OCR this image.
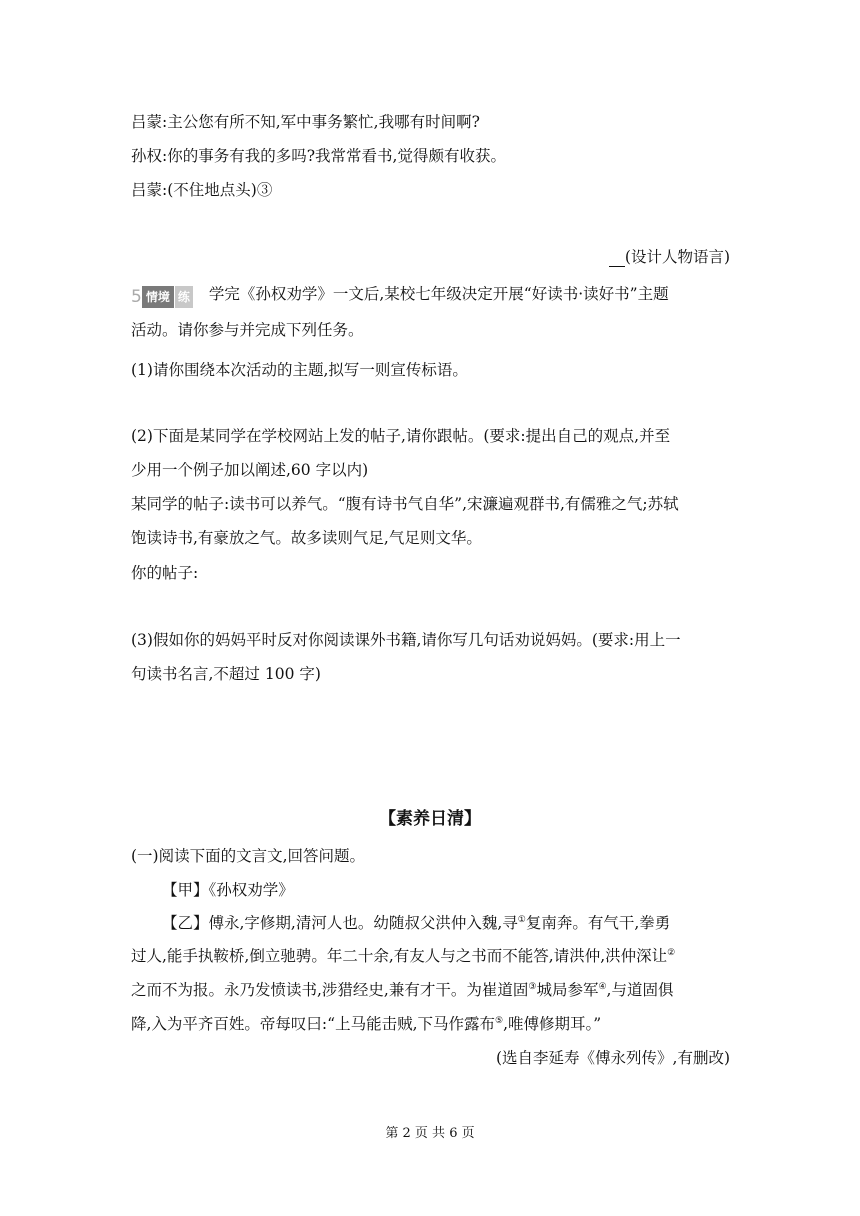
吕蒙:主公您有所不知,军中事务繁忙,我哪有时间啊?
孙权:你的事务有我的多吗?我常常看书,觉得颇有收获。
吕蒙:(不住地点头)③
(设计人物语言)
5 情境 练 学完《孙权劝学》一文后,某校七年级决定开展“好读书·读好书”主题
活动。请你参与并完成下列任务。
(1)请你围绕本次活动的主题,拟写一则宣传标语。
(2)下面是某同学在学校网站上发的帖子,请你跟帖。(要求:提出自己的观点,并至
少用一个例子加以阐述,60 字以内)
某同学的帖子:读书可以养气。“腹有诗书气自华”,宋濂遍观群书,有儒雅之气;苏轼
饱读诗书,有豪放之气。故多读则气足,气足则文华。
你的帖子:
(3)假如你的妈妈平时反对你阅读课外书籍,请你写几句话劝说妈妈。(要求:用上一
句读书名言,不超过 100 字)
【素养日清】
(一)阅读下面的文言文,回答问题。
【甲】《孙权劝学》
【乙】傅永,字修期,清河人也。幼随叔父洪仲入魏,寻①复南奔。有气干,拳勇
过人,能手执鞍桥,倒立驰骋。年二十余,有友人与之书而不能答,请洪仲,洪仲深让②
之而不为报。永乃发愤读书,涉猎经史,兼有才干。为崔道固③城局参军④,与道固俱
降,入为平齐百姓。帝每叹曰:“上马能击贼,下马作露布⑤,唯傅修期耳。”
(选自李延寿《傅永列传》,有删改)
第 2 页 共 6 页
